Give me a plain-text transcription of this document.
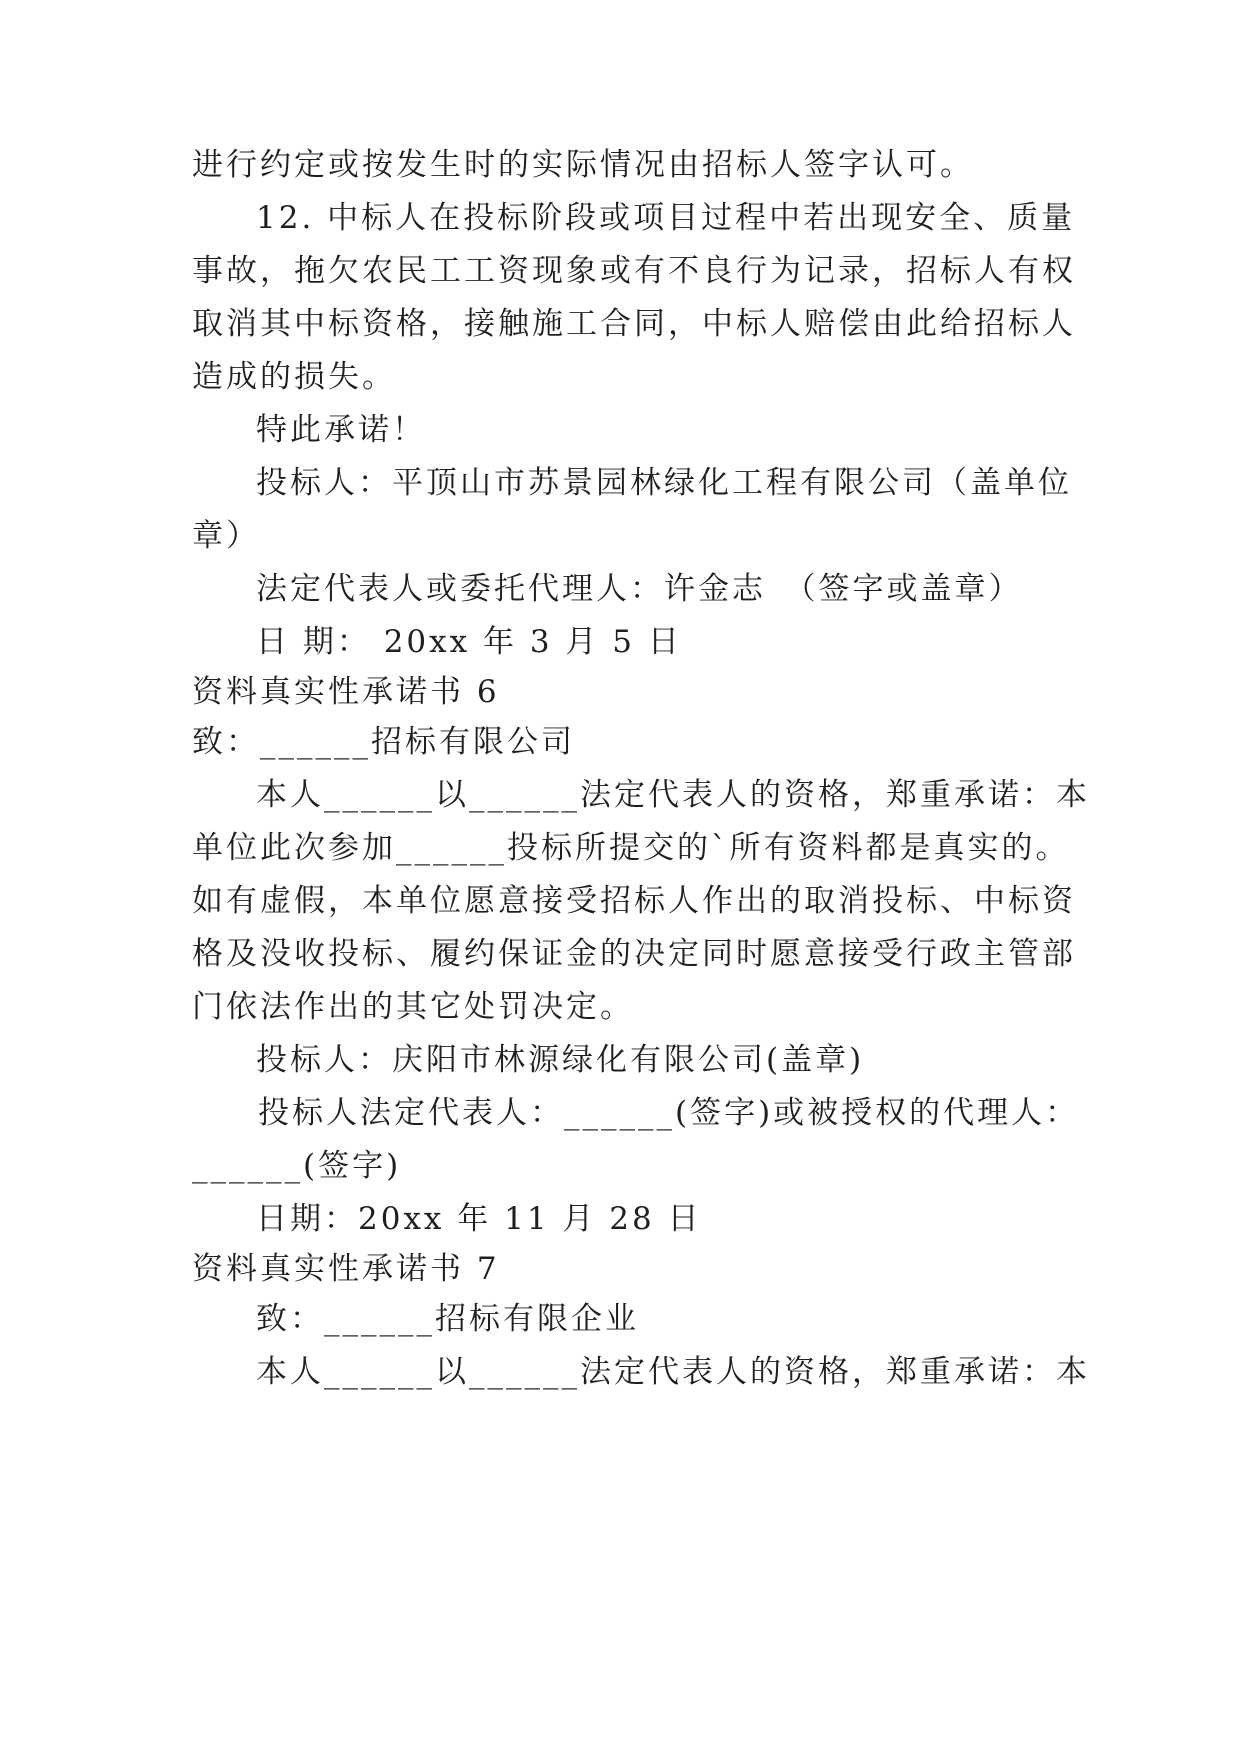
进行约定或按发生时的实际情况由招标人签字认可。
12. 中标人在投标阶段或项目过程中若出现安全、质量
事故，拖欠农民工工资现象或有不良行为记录，招标人有权
取消其中标资格，接触施工合同，中标人赔偿由此给招标人
造成的损失。
特此承诺！
投标人：平顶山市苏景园林绿化工程有限公司（盖单位
章）
法定代表人或委托代理人：许金志　（签字或盖章）
日 期： 20xx 年 3 月 5 日
资料真实性承诺书 6
致：______招标有限公司
本人______以______法定代表人的资格，郑重承诺：本
单位此次参加______投标所提交的`所有资料都是真实的。
如有虚假，本单位愿意接受招标人作出的取消投标、中标资
格及没收投标、履约保证金的决定同时愿意接受行政主管部
门依法作出的其它处罚决定。
投标人：庆阳市林源绿化有限公司(盖章)
投标人法定代表人：______(签字)或被授权的代理人：
______(签字)
日期：20xx 年 11 月 28 日
资料真实性承诺书 7
致：______招标有限企业
本人______以______法定代表人的资格，郑重承诺：本
